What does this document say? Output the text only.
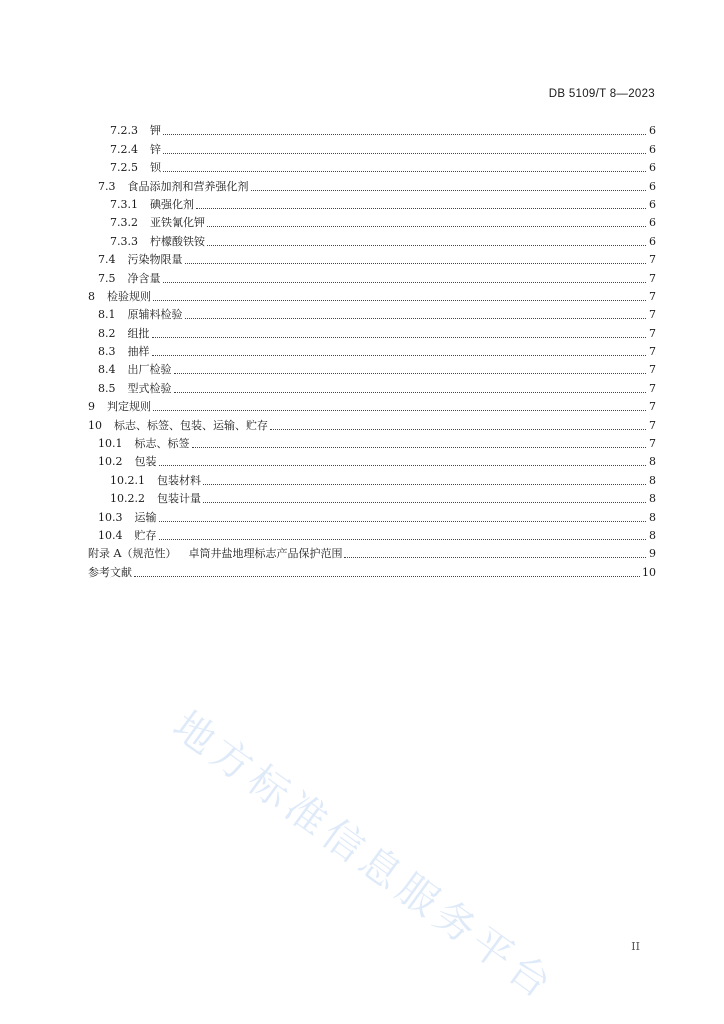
DB 5109/T 8—2023
7.2.3 钾	6
7.2.4 锌	6
7.2.5 钡	6
7.3 食品添加剂和营养强化剂	6
7.3.1 碘强化剂	6
7.3.2 亚铁氰化钾	6
7.3.3 柠檬酸铁铵	6
7.4 污染物限量	7
7.5 净含量	7
8 检验规则	7
8.1 原辅料检验	7
8.2 组批	7
8.3 抽样	7
8.4 出厂检验	7
8.5 型式检验	7
9 判定规则	7
10 标志、标签、包装、运输、贮存	7
10.1 标志、标签	7
10.2 包装	8
10.2.1 包装材料	8
10.2.2 包装计量	8
10.3 运输	8
10.4 贮存	8
附录 A（规范性） 卓筒井盐地理标志产品保护范围	9
参考文献	10
地方标准信息服务平台	II
